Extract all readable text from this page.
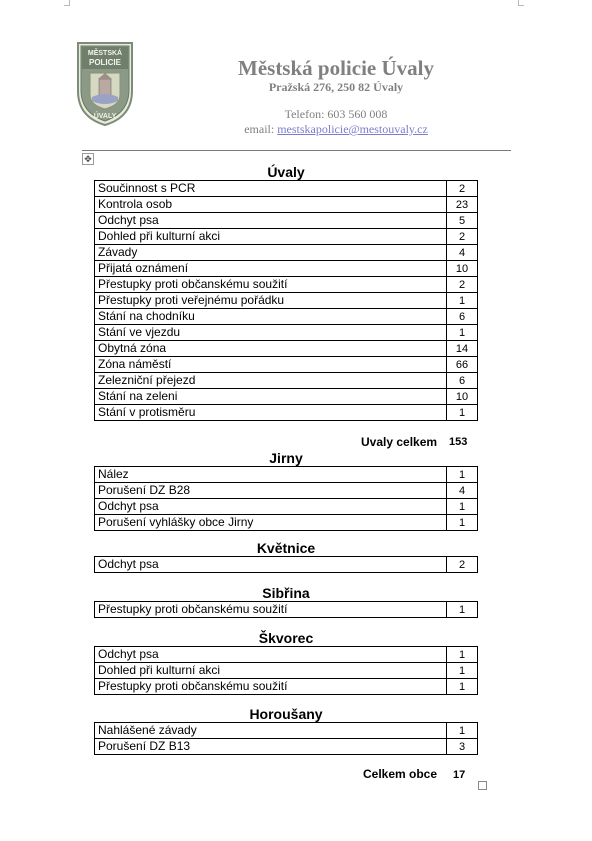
MĚSTSKÁ
POLICIE
ÚVALY
Městská policie Úvaly
Pražská 276, 250 82 Úvaly
Telefon: 603 560 008
email: mestskapolicie@mestouvaly.cz
✥
Úvaly
Součinnost s PCR	2
Kontrola osob	23
Odchyt psa	5
Dohled při kulturní akci	2
Závady	4
Přijatá oznámení	10
Přestupky proti občanskému soužití	2
Přestupky proti veřejnému pořádku	1
Stání na chodníku	6
Stání ve vjezdu	1
Obytná zóna	14
Zóna náměstí	66
Zelezniční přejezd	6
Stání na zeleni	10
Stání v protisměru	1
Uvaly celkem 153
Jirny
Nález	1
Porušení DZ B28	4
Odchyt psa	1
Porušení vyhlášky obce Jirny	1
Květnice
Odchyt psa	2
Sibřina
Přestupky proti občanskému soužití	1
Škvorec
Odchyt psa	1
Dohled při kulturní akci	1
Přestupky proti občanskému soužití	1
Horoušany
Nahlášené závady	1
Porušení DZ B13	3
Celkem obce 17
